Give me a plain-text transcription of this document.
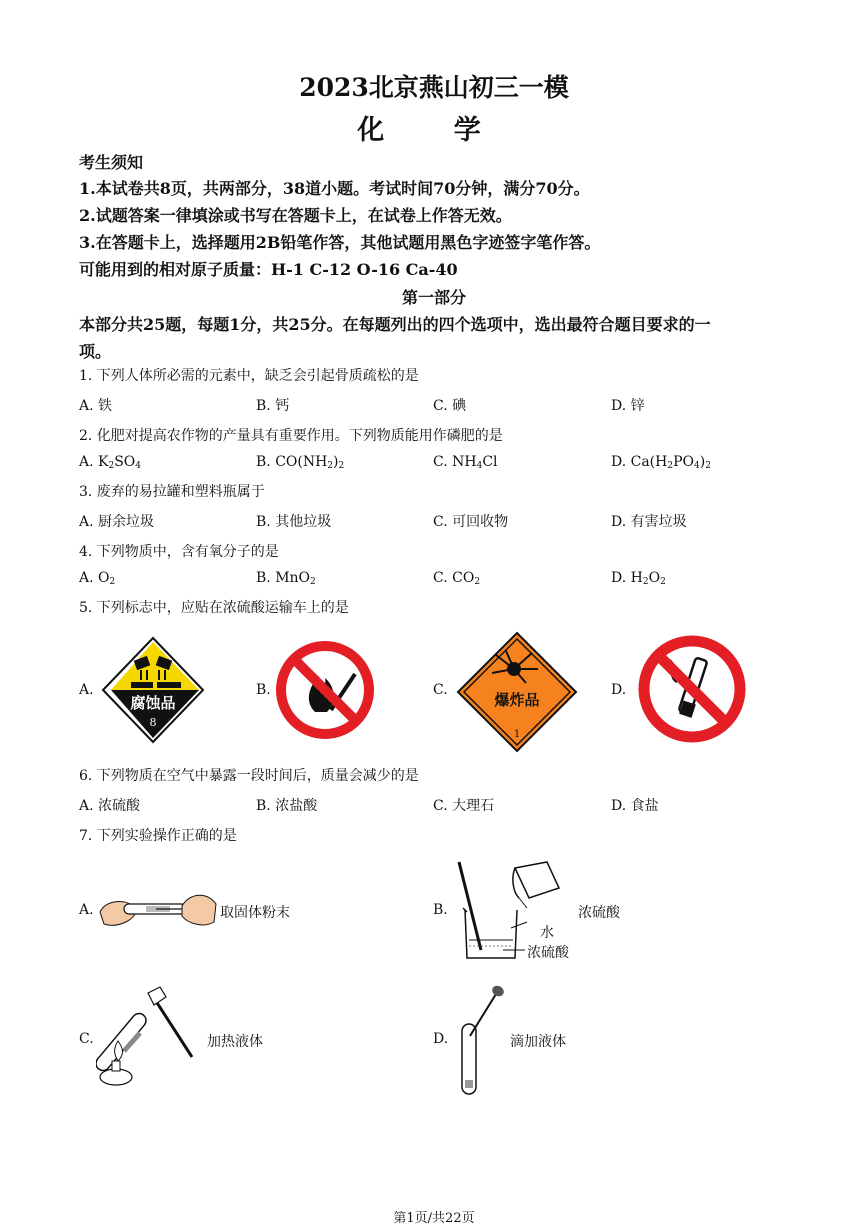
2023北京燕山初三一模
化 学
考生须知
1.本试卷共8页，共两部分，38道小题。考试时间70分钟，满分70分。
2.试题答案一律填涂或书写在答题卡上，在试卷上作答无效。
3.在答题卡上，选择题用2B铅笔作答，其他试题用黑色字迹签字笔作答。
可能用到的相对原子质量：H-1 C-12 O-16 Ca-40
第一部分
本部分共25题，每题1分，共25分。在每题列出的四个选项中，选出最符合题目要求的一
项。
1. 下列人体所必需的元素中，缺乏会引起骨质疏松的是
A. 铁	B. 钙	C. 碘	D. 锌
2. 化肥对提高农作物的产量具有重要作用。下列物质能用作磷肥的是
A. $K_2SO_4$	B. $CO(NH_2)_2$	C. $NH_4Cl$	D. $Ca(H_2PO_4)_2$
3. 废弃的易拉罐和塑料瓶属于
A. 厨余垃圾	B. 其他垃圾	C. 可回收物	D. 有害垃圾
4. 下列物质中，含有氧分子的是
A. $O_2$	B. MnO$_2$	C. $CO_2$	D. $H_2O_2$
5. 下列标志中，应贴在浓硫酸运输车上的是
A.	B.	C.	D.
腐蚀品
8
爆炸品
1
6. 下列物质在空气中暴露一段时间后，质量会减少的是
A. 浓硫酸	B. 浓盐酸	C. 大理石	D. 食盐
7. 下列实验操作正确的是
A.	取固体粉末	B.	浓硫酸
水
浓硫酸
C.	加热液体	D.	滴加液体
第1页/共22页
